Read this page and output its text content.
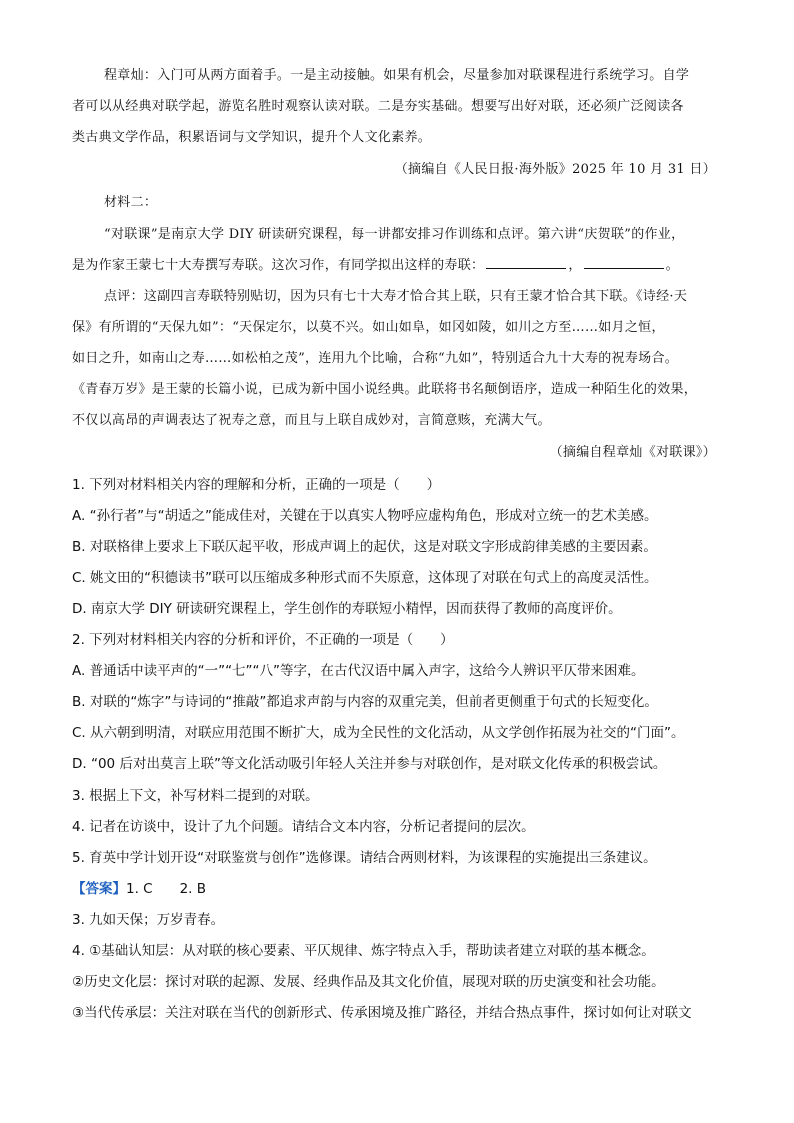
程章灿：入门可从两方面着手。一是主动接触。如果有机会，尽量参加对联课程进行系统学习。自学
者可以从经典对联学起，游览名胜时观察认读对联。二是夯实基础。想要写出好对联，还必须广泛阅读各
类古典文学作品，积累语词与文学知识，提升个人文化素养。
（摘编自《人民日报·海外版》2025 年 10 月 31 日）
材料二：
“对联课”是南京大学 DIY 研读研究课程，每一讲都安排习作训练和点评。第六讲“庆贺联”的作业，
是为作家王蒙七十大寿撰写寿联。这次习作，有同学拟出这样的寿联：	，	。
点评：这副四言寿联特别贴切，因为只有七十大寿才恰合其上联，只有王蒙才恰合其下联。《诗经·天
保》有所谓的“天保九如”：“天保定尔，以莫不兴。如山如阜，如冈如陵，如川之方至……如月之恒，
如日之升，如南山之寿……如松柏之茂”，连用九个比喻，合称“九如”，特别适合九十大寿的祝寿场合。
《青春万岁》是王蒙的长篇小说，已成为新中国小说经典。此联将书名颠倒语序，造成一种陌生化的效果，
不仅以高昂的声调表达了祝寿之意，而且与上联自成妙对，言简意赅，充满大气。
（摘编自程章灿《对联课》）
1. 下列对材料相关内容的理解和分析，正确的一项是（　　）
A. “孙行者”与“胡适之”能成佳对，关键在于以真实人物呼应虚构角色，形成对立统一的艺术美感。
B. 对联格律上要求上下联仄起平收，形成声调上的起伏，这是对联文字形成韵律美感的主要因素。
C. 姚文田的“积德读书”联可以压缩成多种形式而不失原意，这体现了对联在句式上的高度灵活性。
D. 南京大学 DIY 研读研究课程上，学生创作的寿联短小精悍，因而获得了教师的高度评价。
2. 下列对材料相关内容的分析和评价，不正确的一项是（　　）
A. 普通话中读平声的“一”“七”“八”等字，在古代汉语中属入声字，这给今人辨识平仄带来困难。
B. 对联的“炼字”与诗词的“推敲”都追求声韵与内容的双重完美，但前者更侧重于句式的长短变化。
C. 从六朝到明清，对联应用范围不断扩大，成为全民性的文化活动，从文学创作拓展为社交的“门面”。
D. “00 后对出莫言上联”等文化活动吸引年轻人关注并参与对联创作，是对联文化传承的积极尝试。
3. 根据上下文，补写材料二提到的对联。
4. 记者在访谈中，设计了九个问题。请结合文本内容，分析记者提问的层次。
5. 育英中学计划开设“对联鉴赏与创作”选修课。请结合两则材料，为该课程的实施提出三条建议。
【答案】1. C　　2. B
3. 九如天保；万岁青春。
4. ①基础认知层：从对联的核心要素、平仄规律、炼字特点入手，帮助读者建立对联的基本概念。
②历史文化层：探讨对联的起源、发展、经典作品及其文化价值，展现对联的历史演变和社会功能。
③当代传承层：关注对联在当代的创新形式、传承困境及推广路径，并结合热点事件，探讨如何让对联文
